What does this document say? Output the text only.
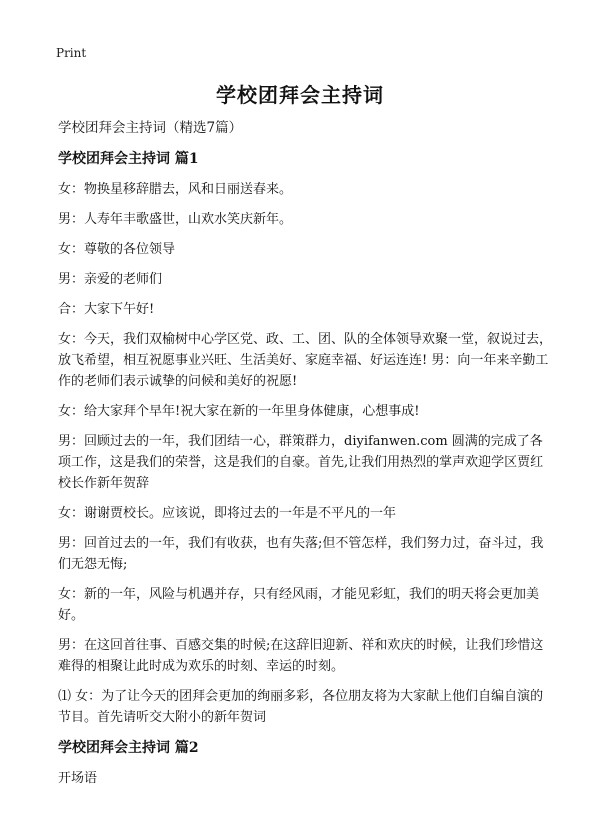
Print
学校团拜会主持词
学校团拜会主持词（精选7篇）
学校团拜会主持词 篇1
女：物换星移辞腊去，风和日丽送春来。
男：人寿年丰歌盛世，山欢水笑庆新年。
女：尊敬的各位领导
男：亲爱的老师们
合：大家下午好!
女：今天，我们双榆树中心学区党、政、工、团、队的全体领导欢聚一堂，叙说过去，放飞希望，相互祝愿事业兴旺、生活美好、家庭幸福、好运连连! 男：向一年来辛勤工作的老师们表示诚挚的问候和美好的祝愿!
女：给大家拜个早年!祝大家在新的一年里身体健康，心想事成!
男：回顾过去的一年，我们团结一心，群策群力，diyifanwen.com 圆满的完成了各项工作，这是我们的荣誉，这是我们的自豪。首先,让我们用热烈的掌声欢迎学区贾红校长作新年贺辞
女：谢谢贾校长。应该说，即将过去的一年是不平凡的一年
男：回首过去的一年，我们有收获，也有失落;但不管怎样，我们努力过，奋斗过，我们无怨无悔;
女：新的一年，风险与机遇并存，只有经风雨，才能见彩虹，我们的明天将会更加美好。
男：在这回首往事、百感交集的时候;在这辞旧迎新、祥和欢庆的时候，让我们珍惜这难得的相聚让此时成为欢乐的时刻、幸运的时刻。
⑴ 女：为了让今天的团拜会更加的绚丽多彩，各位朋友将为大家献上他们自编自演的节目。首先请听交大附小的新年贺词
学校团拜会主持词 篇2
开场语
